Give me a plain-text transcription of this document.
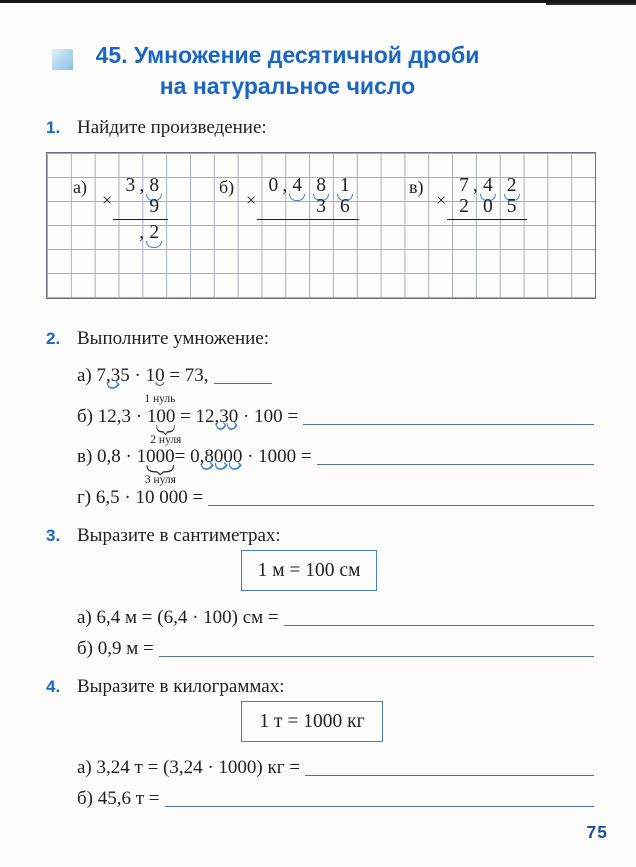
45. Умножение десятичной дроби
на натуральное число
1. Найдите произведение:
а)
×
3 , 8
9
, 2
б)
×
0 , 4 8 1
3 6
в)
×
7 , 4 2
2 0 5
2. Выполните умножение:
а) 7,3
5 · 10
1 нуль
= 73,
б) 12,3 · 100
2 нуля
= 12,30
· 100 =
в) 0,8 · 1000
3 нуля
= 0,8000
· 1000 =
г) 6,5 · 10 000 =
3. Выразите в сантиметрах:
1 м = 100 см
а) 6,4 м = (6,4 · 100) см =
б) 0,9 м =
4. Выразите в килограммах:
1 т = 1000 кг
а) 3,24 т = (3,24 · 1000) кг =
б) 45,6 т =
75
